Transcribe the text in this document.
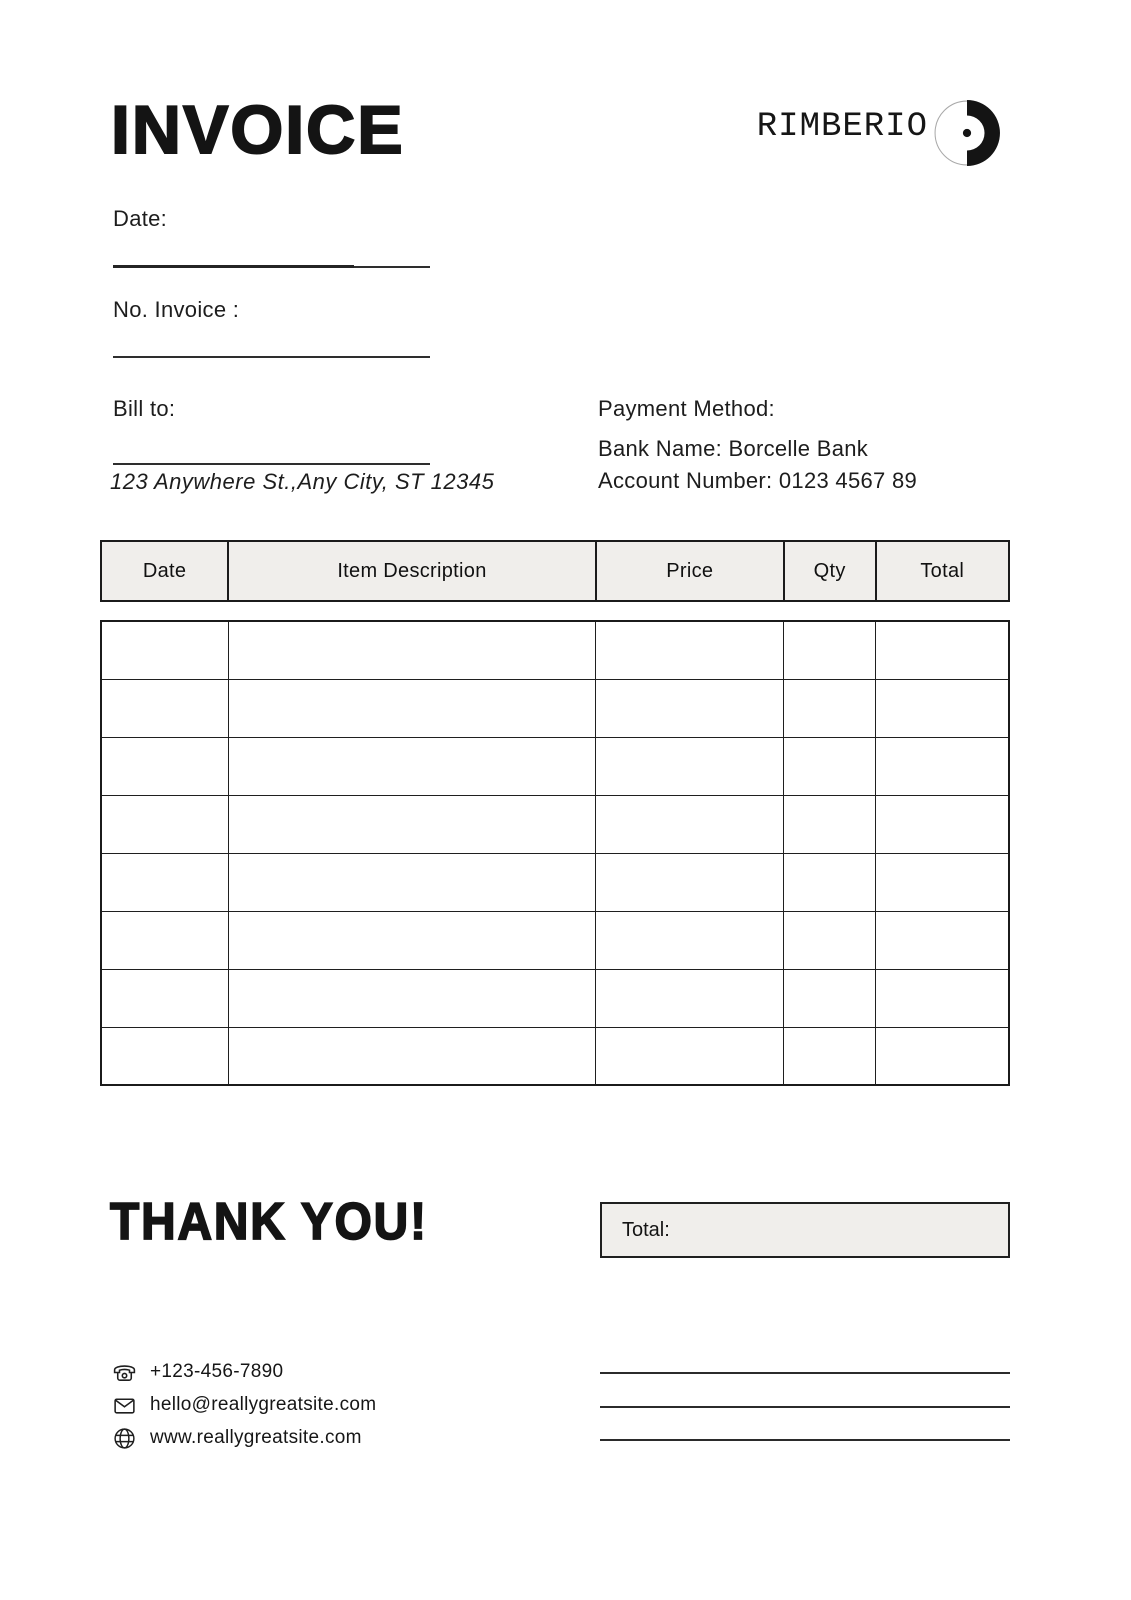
INVOICE	RIMBERIO
Date:
No. Invoice :
Bill to:
123 Anywhere St.,Any City, ST 12345
Payment Method:
Bank Name: Borcelle Bank
Account Number: 0123 4567 89
Date	Item Description	Price	Qty	Total

THANK YOU!	Total:
+123-456-7890
hello@reallygreatsite.com
www.reallygreatsite.com
